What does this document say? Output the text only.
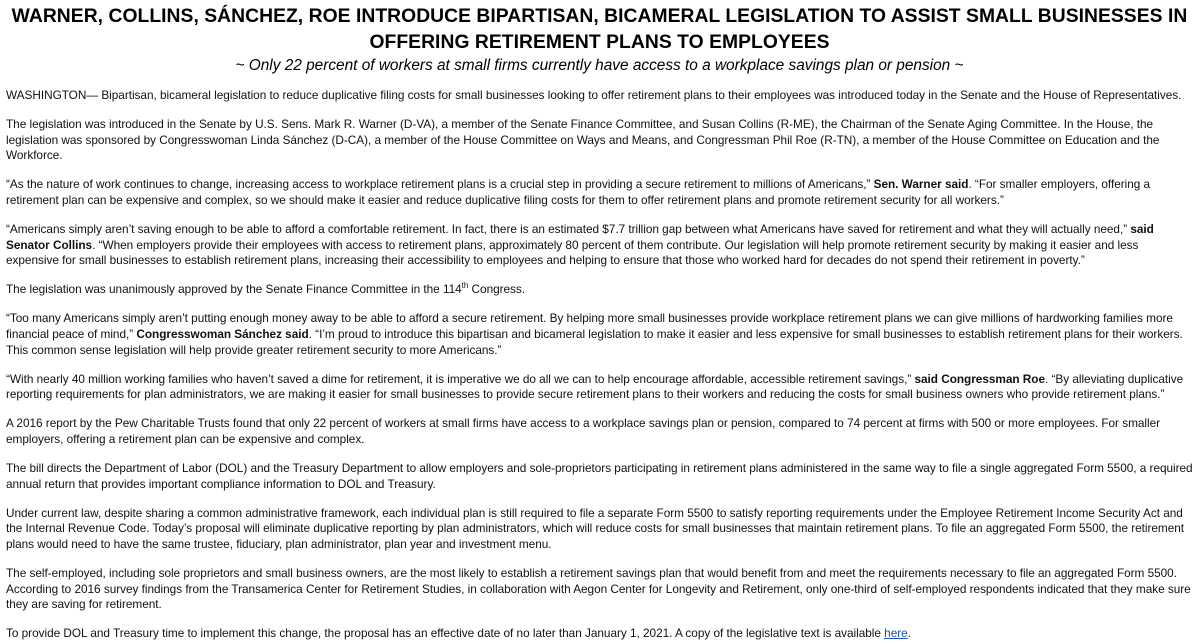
WARNER, COLLINS, SÁNCHEZ, ROE INTRODUCE BIPARTISAN, BICAMERAL LEGISLATION TO ASSIST SMALL BUSINESSES IN OFFERING RETIREMENT PLANS TO EMPLOYEES
~ Only 22 percent of workers at small firms currently have access to a workplace savings plan or pension ~

WASHINGTON— Bipartisan, bicameral legislation to reduce duplicative filing costs for small businesses looking to offer retirement plans to their employees was introduced today in the Senate and the House of Representatives.

The legislation was introduced in the Senate by U.S. Sens. Mark R. Warner (D-VA), a member of the Senate Finance Committee, and Susan Collins (R-ME), the Chairman of the Senate Aging Committee. In the House, the legislation was sponsored by Congresswoman Linda Sánchez (D-CA), a member of the House Committee on Ways and Means, and Congressman Phil Roe (R-TN), a member of the House Committee on Education and the Workforce.

“As the nature of work continues to change, increasing access to workplace retirement plans is a crucial step in providing a secure retirement to millions of Americans,” Sen. Warner said. “For smaller employers, offering a retirement plan can be expensive and complex, so we should make it easier and reduce duplicative filing costs for them to offer retirement plans and promote retirement security for all workers.”

“Americans simply aren’t saving enough to be able to afford a comfortable retirement. In fact, there is an estimated $7.7 trillion gap between what Americans have saved for retirement and what they will actually need,” said Senator Collins. “When employers provide their employees with access to retirement plans, approximately 80 percent of them contribute. Our legislation will help promote retirement security by making it easier and less expensive for small businesses to establish retirement plans, increasing their accessibility to employees and helping to ensure that those who worked hard for decades do not spend their retirement in poverty.”

The legislation was unanimously approved by the Senate Finance Committee in the 114th Congress.

“Too many Americans simply aren’t putting enough money away to be able to afford a secure retirement. By helping more small businesses provide workplace retirement plans we can give millions of hardworking families more financial peace of mind,” Congresswoman Sánchez said. “I’m proud to introduce this bipartisan and bicameral legislation to make it easier and less expensive for small businesses to establish retirement plans for their workers. This common sense legislation will help provide greater retirement security to more Americans.”

“With nearly 40 million working families who haven’t saved a dime for retirement, it is imperative we do all we can to help encourage affordable, accessible retirement savings,” said Congressman Roe. “By alleviating duplicative reporting requirements for plan administrators, we are making it easier for small businesses to provide secure retirement plans to their workers and reducing the costs for small business owners who provide retirement plans.”

A 2016 report by the Pew Charitable Trusts found that only 22 percent of workers at small firms have access to a workplace savings plan or pension, compared to 74 percent at firms with 500 or more employees. For smaller employers, offering a retirement plan can be expensive and complex.

The bill directs the Department of Labor (DOL) and the Treasury Department to allow employers and sole-proprietors participating in retirement plans administered in the same way to file a single aggregated Form 5500, a required annual return that provides important compliance information to DOL and Treasury.

Under current law, despite sharing a common administrative framework, each individual plan is still required to file a separate Form 5500 to satisfy reporting requirements under the Employee Retirement Income Security Act and the Internal Revenue Code. Today’s proposal will eliminate duplicative reporting by plan administrators, which will reduce costs for small businesses that maintain retirement plans. To file an aggregated Form 5500, the retirement plans would need to have the same trustee, fiduciary, plan administrator, plan year and investment menu.

The self-employed, including sole proprietors and small business owners, are the most likely to establish a retirement savings plan that would benefit from and meet the requirements necessary to file an aggregated Form 5500. According to 2016 survey findings from the Transamerica Center for Retirement Studies, in collaboration with Aegon Center for Longevity and Retirement, only one-third of self-employed respondents indicated that they make sure they are saving for retirement.

To provide DOL and Treasury time to implement this change, the proposal has an effective date of no later than January 1, 2021. A copy of the legislative text is available here.
